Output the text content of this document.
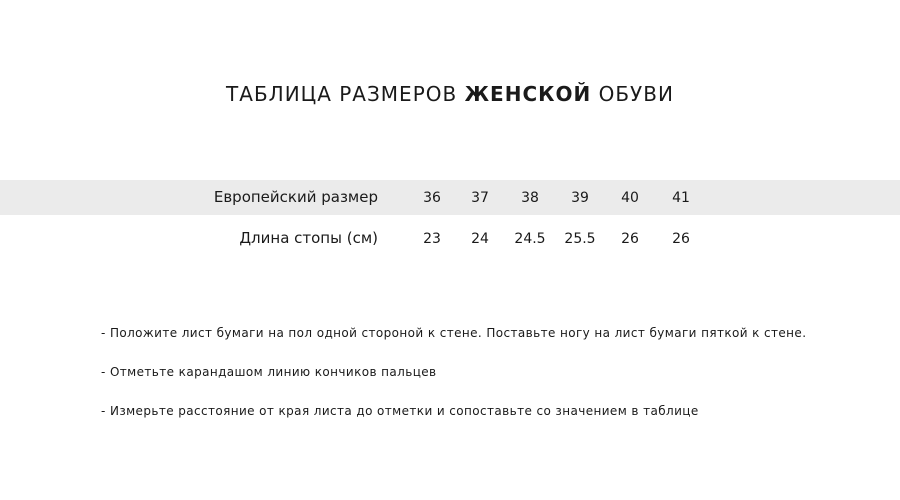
ТАБЛИЦА РАЗМЕРОВ ЖЕНСКОЙ ОБУВИ
Европейский размер	36	37	38	39	40	41
Длина стопы (см)	23	24	24.5	25.5	26	26
- Положите лист бумаги на пол одной стороной к стене. Поставьте ногу на лист бумаги пяткой к стене.
- Отметьте карандашом линию кончиков пальцев
- Измерьте расстояние от края листа до отметки и сопоставьте со значением в таблице
